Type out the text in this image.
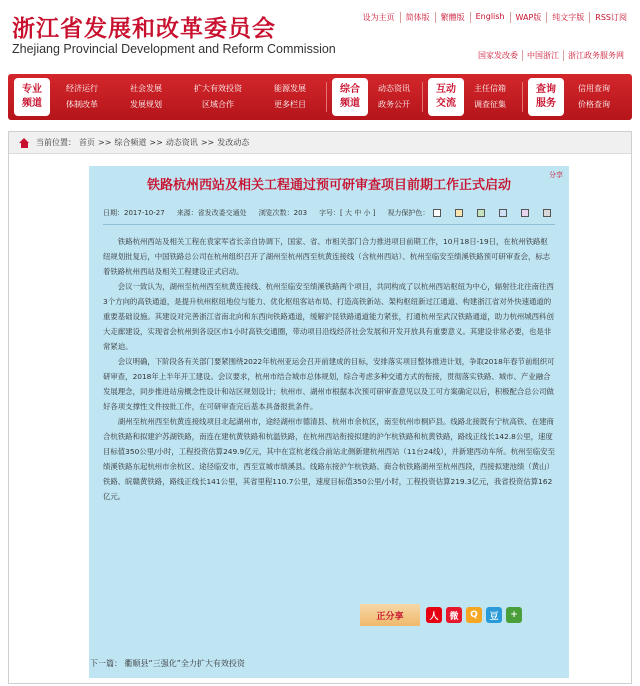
浙江省发展和改革委员会
Zhejiang Provincial Development and Reform Commission
设为主页	简体版	繁體版	English	WAP版	纯文字版	RSS订阅
国家发改委	中国浙江	浙江政务服务网
专业
频道
经济运行
体制改革
社会发展
发展规划
扩大有效投资
区域合作
能源发展
更多栏目
综合
频道
动态资讯
政务公开
互动
交流
主任信箱
调查征集
查询
服务
信用查询
价格查询
当前位置： 首页 >> 综合频道 >> 动态资讯 >> 发改动态
铁路杭州西站及相关工程通过预可研审查项目前期工作正式启动
分享
日期：2017-10-27 来源：省发改委交通处 浏览次数：203 字号：[ 大 中 小 ] 视力保护色：

铁路杭州西站及相关工程在袁家军省长亲自协调下，国家、省、市相关部门合力推进项目前期工作，10月18日-19日，在杭州铁路枢纽规划批复后，中国铁路总公司在杭州组织召开了湖州至杭州西至杭黄连接线（含杭州西站）、杭州至临安至绩溪铁路预可研审查会，标志着铁路杭州西站及相关工程建设正式启动。

会议一致认为，湖州至杭州西至杭黄连接线、杭州至临安至绩溪铁路两个项目，共同构成了以杭州西站枢纽为中心，辐射往北往南往西3个方向的高铁通道，是提升杭州枢纽地位与能力、优化枢纽客站布局、打造高铁新站、架构枢纽新过江通道、构建浙江省对外快速通道的重要基础设施。其建设对完善浙江省南北向和东西向铁路通道，缓解沪昆铁路通道能力紧张，打通杭州至武汉铁路通道，助力杭州城西科创大走廊建设，实现省会杭州到各设区市1小时高铁交通圈，带动项目沿线经济社会发展和开发开放具有重要意义。其建设非常必要，也是非常紧迫。

会议明确，下阶段各有关部门要紧围绕2022年杭州亚运会召开前建成的目标，安排落实项目整体推进计划，争取2018年春节前组织可研审查，2018年上半年开工建设。会议要求，杭州市结合城市总体规划，综合考虑多种交通方式的衔接，贯彻落实铁路、城市、产业融合发展理念，同步推进站房概念性设计和站区规划设计；杭州市、湖州市根据本次预可研审查意见以及工可方案确定以后，积极配合总公司做好各项支撑性文件按批工作，在可研审查完后基本具备报批条件。

湖州至杭州西至杭黄连接线项目北起湖州市，途经湖州市德清县、杭州市余杭区，南至杭州市桐庐县。线路北接既有宁杭高铁、在建商合杭铁路和拟建沪苏湖铁路，南连在建杭黄铁路和杭温铁路，在杭州西站衔接拟建的沪乍杭铁路和杭黄铁路，路线正线长142.8公里，速度目标值350公里/小时，工程投资估算249.9亿元，其中在宣杭老线合前站北侧新建杭州西站（11台24线），并新建西动车所。杭州至临安至绩溪铁路东起杭州市余杭区、途径临安市，西至宣城市绩溪县。线路东接沪乍杭铁路、商合杭铁路湖州至杭州西段，西接拟建池绩（黄山）铁路、皖赣黄铁路，路线正线长141公里，其省里程110.7公里，速度目标值350公里/小时，工程投资估算219.3亿元，我省投资估算162亿元。

正分享	人	微	Q	豆	+
下一篇： 衢顺县“三强化”全力扩大有效投资
